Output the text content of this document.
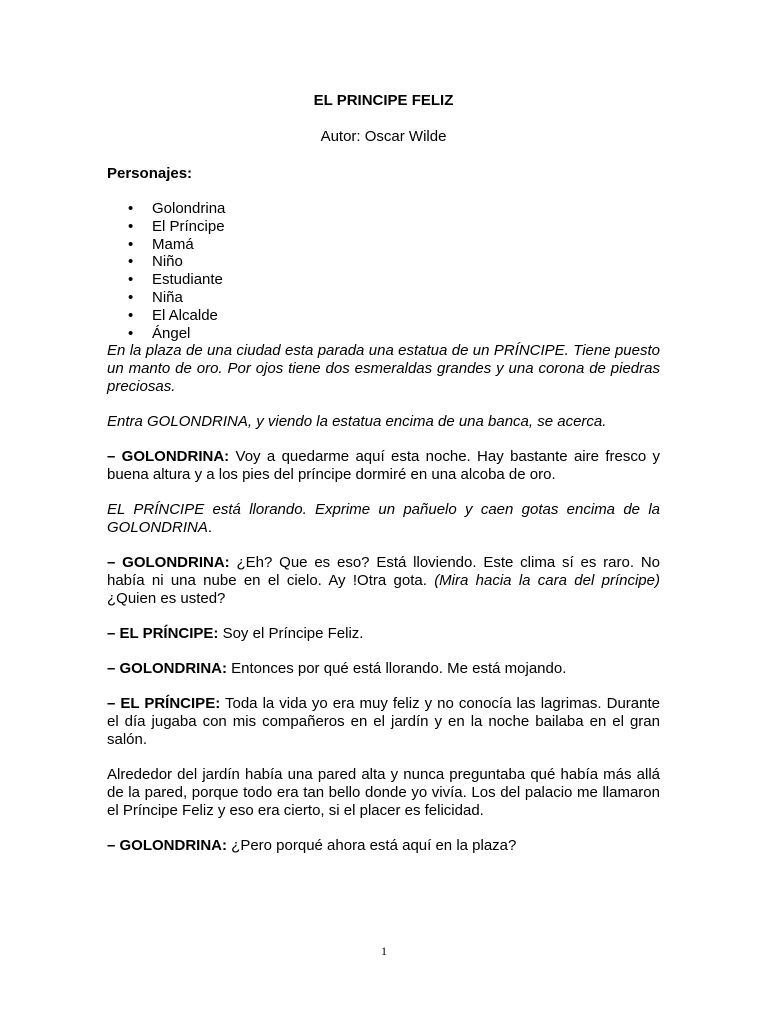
EL PRINCIPE FELIZ

Autor: Oscar Wilde

Personajes:

• Golondrina
• El Príncipe
• Mamá
• Niño
• Estudiante
• Niña
• El Alcalde
• Ángel

En la plaza de una ciudad esta parada una estatua de un PRÍNCIPE. Tiene puesto un manto de oro. Por ojos tiene dos esmeraldas grandes y una corona de piedras preciosas.

Entra GOLONDRINA, y viendo la estatua encima de una banca, se acerca.

– GOLONDRINA: Voy a quedarme aquí esta noche. Hay bastante aire fresco y buena altura y a los pies del príncipe dormiré en una alcoba de oro.

EL PRÍNCIPE está llorando. Exprime un pañuelo y caen gotas encima de la GOLONDRINA.

– GOLONDRINA: ¿Eh? Que es eso? Está lloviendo. Este clima sí es raro. No había ni una nube en el cielo. Ay !Otra gota. (Mira hacia la cara del príncipe) ¿Quien es usted?

– EL PRÍNCIPE: Soy el Príncipe Feliz.

– GOLONDRINA: Entonces por qué está llorando. Me está mojando.

– EL PRÍNCIPE: Toda la vida yo era muy feliz y no conocía las lagrimas. Durante el día jugaba con mis compañeros en el jardín y en la noche bailaba en el gran salón.

Alrededor del jardín había una pared alta y nunca preguntaba qué había más allá de la pared, porque todo era tan bello donde yo vivía. Los del palacio me llamaron el Príncipe Feliz y eso era cierto, si el placer es felicidad.

– GOLONDRINA: ¿Pero porqué ahora está aquí en la plaza?

1
